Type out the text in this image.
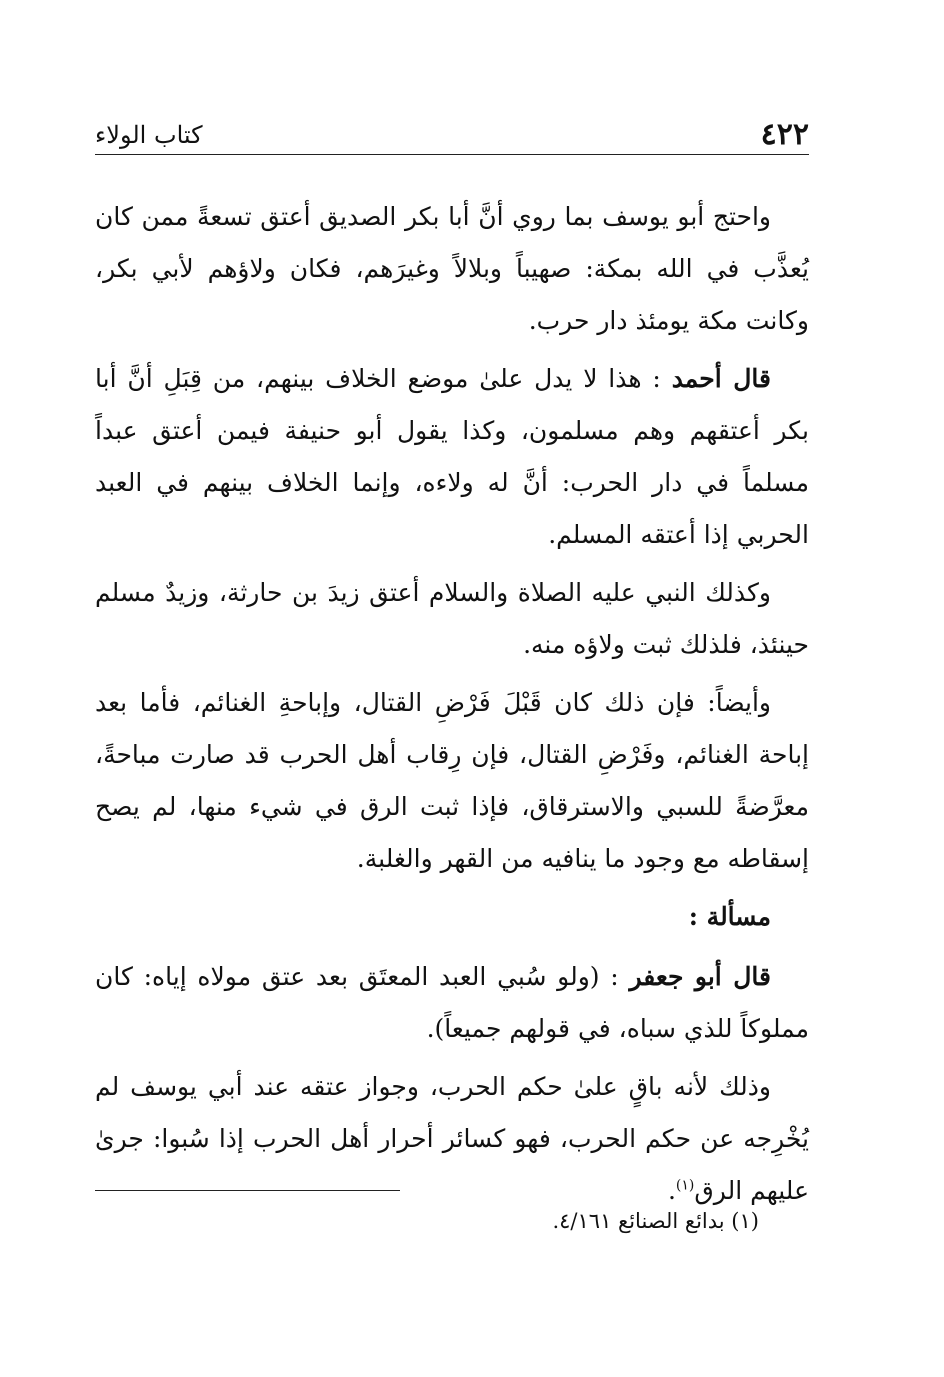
٤٢٢
كتاب الولاء

واحتج أبو يوسف بما روي أنَّ أبا بكر الصديق أعتق تسعةً ممن كان يُعذَّب في الله بمكة: صهيباً وبلالاً وغيرَهم، فكان ولاؤهم لأبي بكر، وكانت مكة يومئذ دار حرب.

قال أحمد : هذا لا يدل علىٰ موضع الخلاف بينهم، من قِبَلِ أنَّ أبا بكر أعتقهم وهم مسلمون، وكذا يقول أبو حنيفة فيمن أعتق عبداً مسلماً في دار الحرب: أنَّ له ولاءه، وإنما الخلاف بينهم في العبد الحربي إذا أعتقه المسلم.

وكذلك النبي عليه الصلاة والسلام أعتق زيدَ بن حارثة، وزيدٌ مسلم حينئذ، فلذلك ثبت ولاؤه منه.

وأيضاً: فإن ذلك كان قَبْلَ فَرْضِ القتال، وإباحةِ الغنائم، فأما بعد إباحة الغنائم، وفَرْضِ القتال، فإن رِقاب أهل الحرب قد صارت مباحةً، معرَّضةً للسبي والاسترقاق، فإذا ثبت الرق في شيء منها، لم يصح إسقاطه مع وجود ما ينافيه من القهر والغلبة.

مسألة :

قال أبو جعفر : (ولو سُبي العبد المعتَق بعد عتق مولاه إياه: كان مملوكاً للذي سباه، في قولهم جميعاً).

وذلك لأنه باقٍ علىٰ حكم الحرب، وجواز عتقه عند أبي يوسف لم يُخْرِجه عن حكم الحرب، فهو كسائر أحرار أهل الحرب إذا سُبوا: جرىٰ عليهم الرق$^{(١)}$.

(١) بدائع الصنائع ٤/١٦١.
